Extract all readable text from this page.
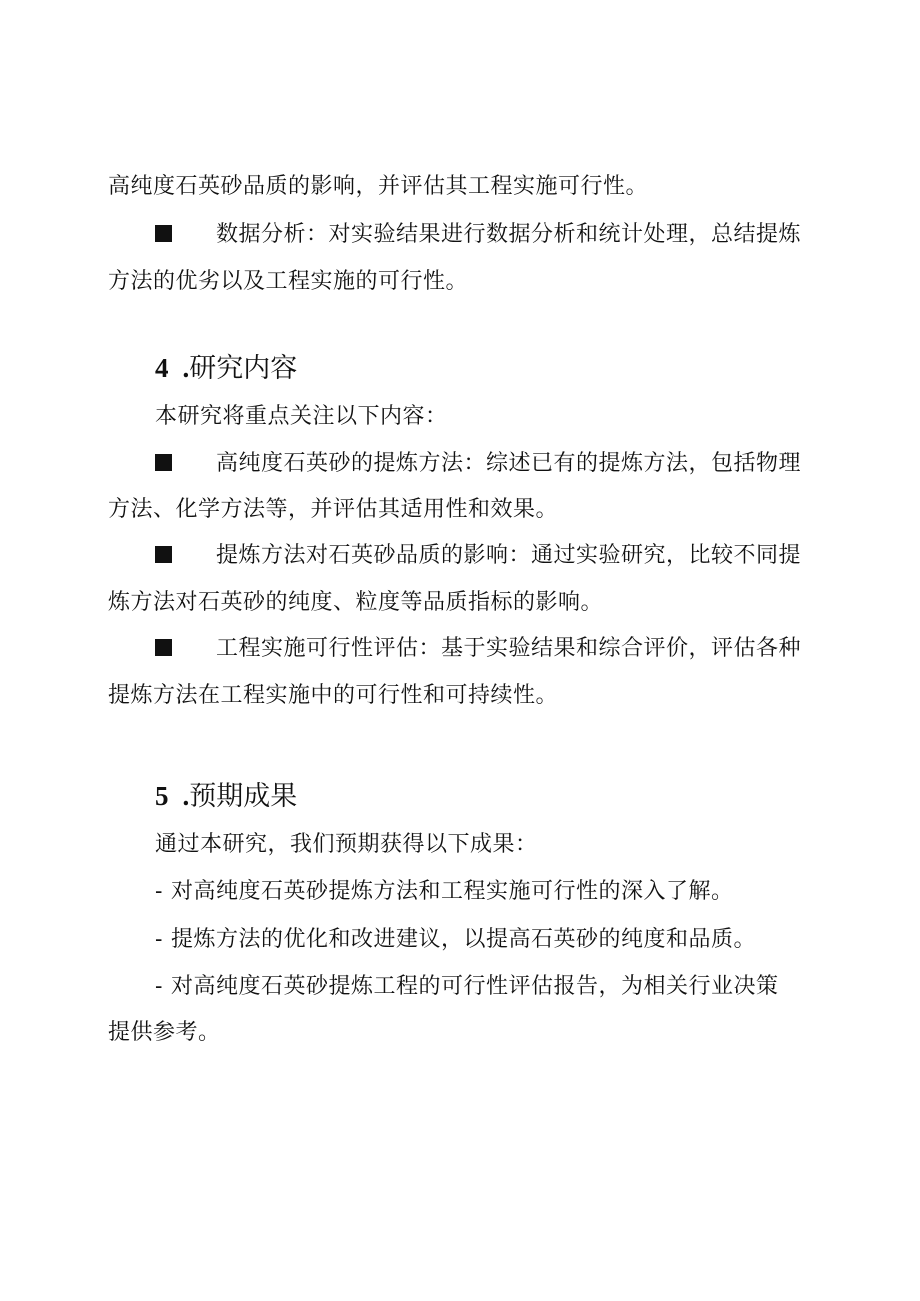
高纯度石英砂品质的影响，并评估其工程实施可行性。
数据分析：对实验结果进行数据分析和统计处理，总结提炼
方法的优劣以及工程实施的可行性。
4 .研究内容
本研究将重点关注以下内容：
高纯度石英砂的提炼方法：综述已有的提炼方法，包括物理
方法、化学方法等，并评估其适用性和效果。
提炼方法对石英砂品质的影响：通过实验研究，比较不同提
炼方法对石英砂的纯度、粒度等品质指标的影响。
工程实施可行性评估：基于实验结果和综合评价，评估各种
提炼方法在工程实施中的可行性和可持续性。
5 .预期成果
通过本研究，我们预期获得以下成果：
- 对高纯度石英砂提炼方法和工程实施可行性的深入了解。
- 提炼方法的优化和改进建议，以提高石英砂的纯度和品质。
- 对高纯度石英砂提炼工程的可行性评估报告，为相关行业决策
提供参考。
